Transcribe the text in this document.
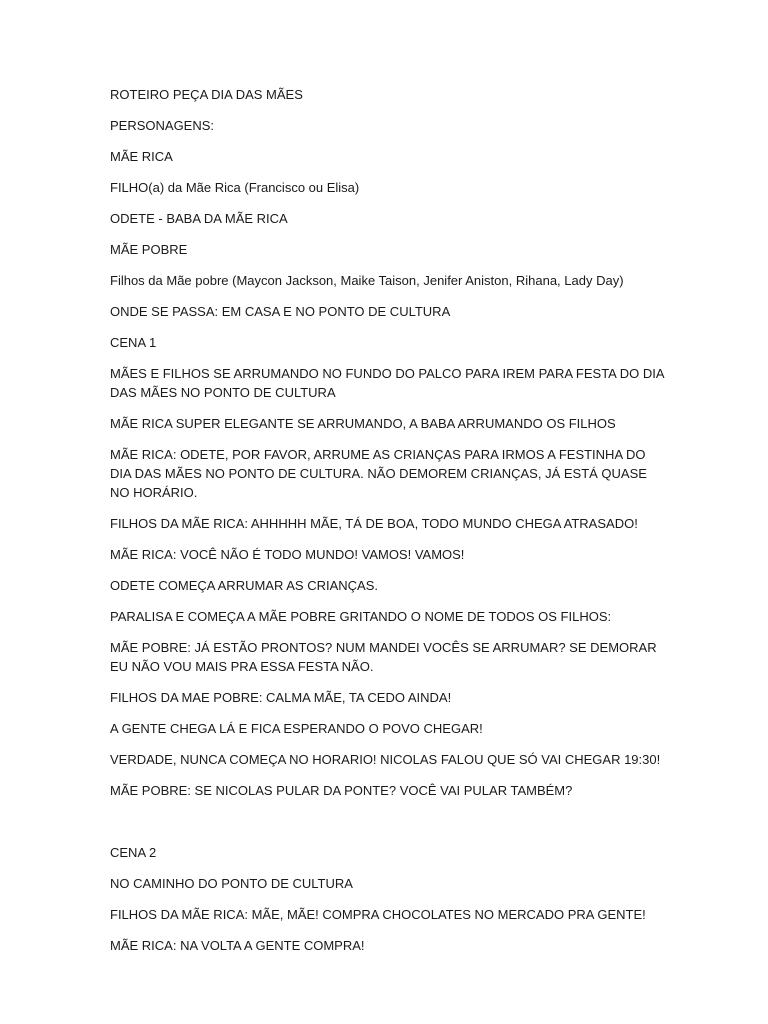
ROTEIRO PEÇA DIA DAS MÃES

PERSONAGENS:

MÃE RICA

FILHO(a) da Mãe Rica (Francisco ou Elisa)

ODETE - BABA DA MÃE RICA

MÃE POBRE

Filhos da Mãe pobre (Maycon Jackson, Maike Taison, Jenifer Aniston, Rihana, Lady Day)

ONDE SE PASSA: EM CASA E NO PONTO DE CULTURA

CENA 1

MÃES E FILHOS SE ARRUMANDO NO FUNDO DO PALCO PARA IREM PARA FESTA DO DIA DAS MÃES NO PONTO DE CULTURA

MÃE RICA SUPER ELEGANTE SE ARRUMANDO, A BABA ARRUMANDO OS FILHOS

MÃE RICA: ODETE, POR FAVOR, ARRUME AS CRIANÇAS PARA IRMOS A FESTINHA DO DIA DAS MÃES NO PONTO DE CULTURA. NÃO DEMOREM CRIANÇAS, JÁ ESTÁ QUASE NO HORÁRIO.

FILHOS DA MÃE RICA: AHHHHH MÃE, TÁ DE BOA, TODO MUNDO CHEGA ATRASADO!

MÃE RICA: VOCÊ NÃO É TODO MUNDO! VAMOS! VAMOS!

ODETE COMEÇA ARRUMAR AS CRIANÇAS.

PARALISA E COMEÇA A MÃE POBRE GRITANDO O NOME DE TODOS OS FILHOS:

MÃE POBRE: JÁ ESTÃO PRONTOS? NUM MANDEI VOCÊS SE ARRUMAR? SE DEMORAR EU NÃO VOU MAIS PRA ESSA FESTA NÃO.

FILHOS DA MAE POBRE: CALMA MÃE, TA CEDO AINDA!

A GENTE CHEGA LÁ E FICA ESPERANDO O POVO CHEGAR!

VERDADE, NUNCA COMEÇA NO HORARIO! NICOLAS FALOU QUE SÓ VAI CHEGAR 19:30!

MÃE POBRE: SE NICOLAS PULAR DA PONTE? VOCÊ VAI PULAR TAMBÉM?

CENA 2

NO CAMINHO DO PONTO DE CULTURA

FILHOS DA MÃE RICA: MÃE, MÃE! COMPRA CHOCOLATES NO MERCADO PRA GENTE!

MÃE RICA: NA VOLTA A GENTE COMPRA!
